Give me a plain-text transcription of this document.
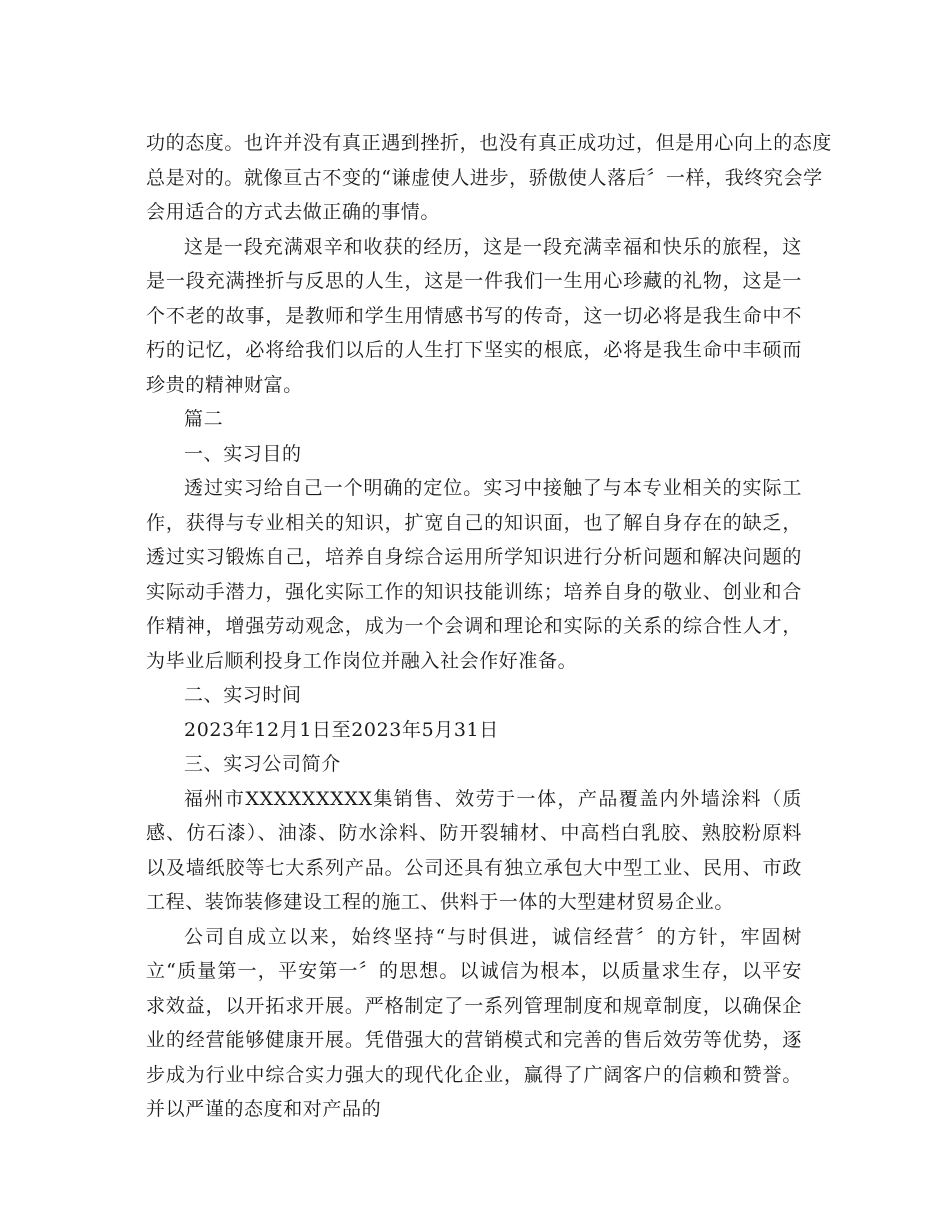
功的态度。也许并没有真正遇到挫折，也没有真正成功过，但是用心向上的态度
总是对的。就像亘古不变的“谦虚使人进步，骄傲使人落后〞一样，我终究会学
会用适合的方式去做正确的事情。
这是一段充满艰辛和收获的经历，这是一段充满幸福和快乐的旅程，这是一段充满挫折与反思的人生，这是一件我们一生用心珍藏的礼物，这是一个不老的故事，是教师和学生用情感书写的传奇，这一切必将是我生命中不朽的记忆，必将给我们以后的人生打下坚实的根底，必将是我生命中丰硕而珍贵的精神财富。
篇二
一、实习目的
透过实习给自己一个明确的定位。实习中接触了与本专业相关的实际工作，获得与专业相关的知识，扩宽自己的知识面，也了解自身存在的缺乏，透过实习锻炼自己，培养自身综合运用所学知识进行分析问题和解决问题的实际动手潜力，强化实际工作的知识技能训练；培养自身的敬业、创业和合作精神，增强劳动观念，成为一个会调和理论和实际的关系的综合性人才，为毕业后顺利投身工作岗位并融入社会作好准备。
二、实习时间
2023年12月1日至2023年5月31日
三、实习公司简介
福州市XXXXXXXXX集销售、效劳于一体，产品覆盖内外墙涂料（质感、仿石漆）、油漆、防水涂料、防开裂辅材、中高档白乳胶、熟胶粉原料以及墙纸胶等七大系列产品。公司还具有独立承包大中型工业、民用、市政工程、装饰装修建设工程的施工、供料于一体的大型建材贸易企业。
公司自成立以来，始终坚持“与时俱进，诚信经营〞的方针，牢固树立“质量第一，平安第一〞的思想。以诚信为根本，以质量求生存，以平安求效益，以开拓求开展。严格制定了一系列管理制度和规章制度，以确保企业的经营能够健康开展。凭借强大的营销模式和完善的售后效劳等优势，逐步成为行业中综合实力强大的现代化企业，赢得了广阔客户的信赖和赞誉。并以严谨的态度和对产品的
